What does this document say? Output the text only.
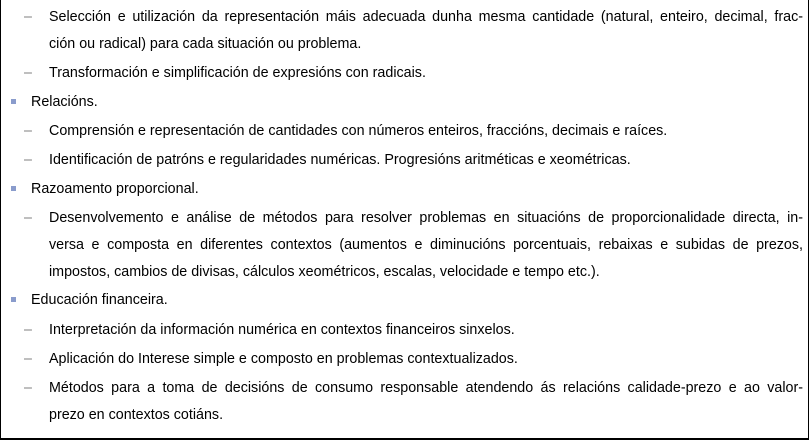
– Selección e utilización da representación máis adecuada dunha mesma cantidade (natural, enteiro, decimal, frac-
ción ou radical) para cada situación ou problema.
– Transformación e simplificación de expresións con radicais.
Relacións.
– Comprensión e representación de cantidades con números enteiros, fraccións, decimais e raíces.
– Identificación de patróns e regularidades numéricas. Progresións aritméticas e xeométricas.
Razoamento proporcional.
– Desenvolvemento e análise de métodos para resolver problemas en situacións de proporcionalidade directa, in-
versa e composta en diferentes contextos (aumentos e diminucións porcentuais, rebaixas e subidas de prezos,
impostos, cambios de divisas, cálculos xeométricos, escalas, velocidade e tempo etc.).
Educación financeira.
– Interpretación da información numérica en contextos financeiros sinxelos.
– Aplicación do Interese simple e composto en problemas contextualizados.
– Métodos para a toma de decisións de consumo responsable atendendo ás relacións calidade-prezo e ao valor-
prezo en contextos cotiáns.
